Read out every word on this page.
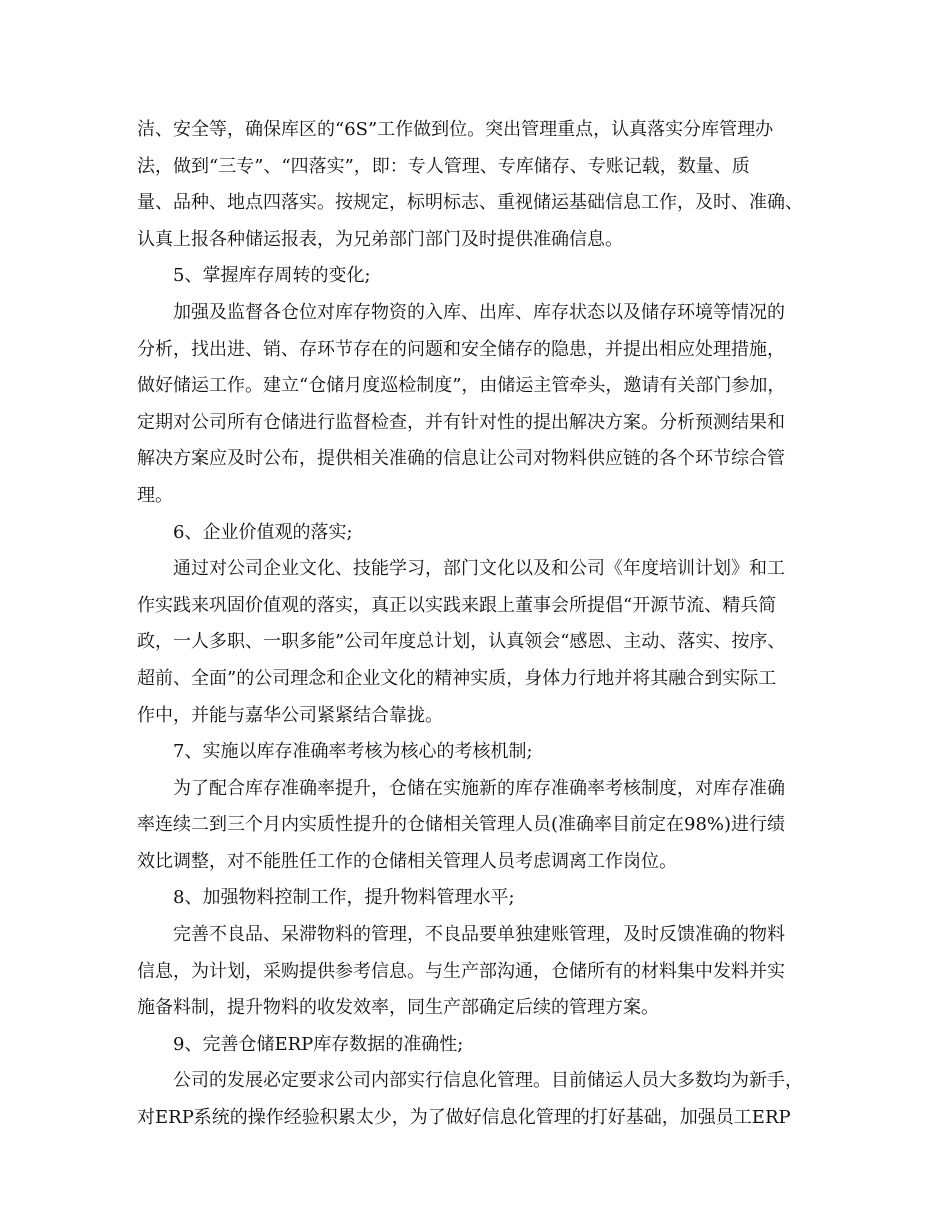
洁、安全等，确保库区的“6S”工作做到位。突出管理重点，认真落实分库管理办
法，做到“三专”、“四落实”，即：专人管理、专库储存、专账记载，数量、质
量、品种、地点四落实。按规定，标明标志、重视储运基础信息工作，及时、准确、
认真上报各种储运报表，为兄弟部门部门及时提供准确信息。
5、掌握库存周转的变化;
加强及监督各仓位对库存物资的入库、出库、库存状态以及储存环境等情况的
分析，找出进、销、存环节存在的问题和安全储存的隐患，并提出相应处理措施，
做好储运工作。建立“仓储月度巡检制度”，由储运主管牵头，邀请有关部门参加，
定期对公司所有仓储进行监督检查，并有针对性的提出解决方案。分析预测结果和
解决方案应及时公布，提供相关准确的信息让公司对物料供应链的各个环节综合管
理。
6、企业价值观的落实;
通过对公司企业文化、技能学习，部门文化以及和公司《年度培训计划》和工
作实践来巩固价值观的落实，真正以实践来跟上董事会所提倡“开源节流、精兵简
政，一人多职、一职多能”公司年度总计划，认真领会“感恩、主动、落实、按序、
超前、全面”的公司理念和企业文化的精神实质，身体力行地并将其融合到实际工
作中，并能与嘉华公司紧紧结合靠拢。
7、实施以库存准确率考核为核心的考核机制;
为了配合库存准确率提升，仓储在实施新的库存准确率考核制度，对库存准确
率连续二到三个月内实质性提升的仓储相关管理人员(准确率目前定在98%)进行绩
效比调整，对不能胜任工作的仓储相关管理人员考虑调离工作岗位。
8、加强物料控制工作，提升物料管理水平;
完善不良品、呆滞物料的管理，不良品要单独建账管理，及时反馈准确的物料
信息，为计划，采购提供参考信息。与生产部沟通，仓储所有的材料集中发料并实
施备料制，提升物料的收发效率，同生产部确定后续的管理方案。
9、完善仓储ERP库存数据的准确性;
公司的发展必定要求公司内部实行信息化管理。目前储运人员大多数均为新手，
对ERP系统的操作经验积累太少，为了做好信息化管理的打好基础，加强员工ERP
